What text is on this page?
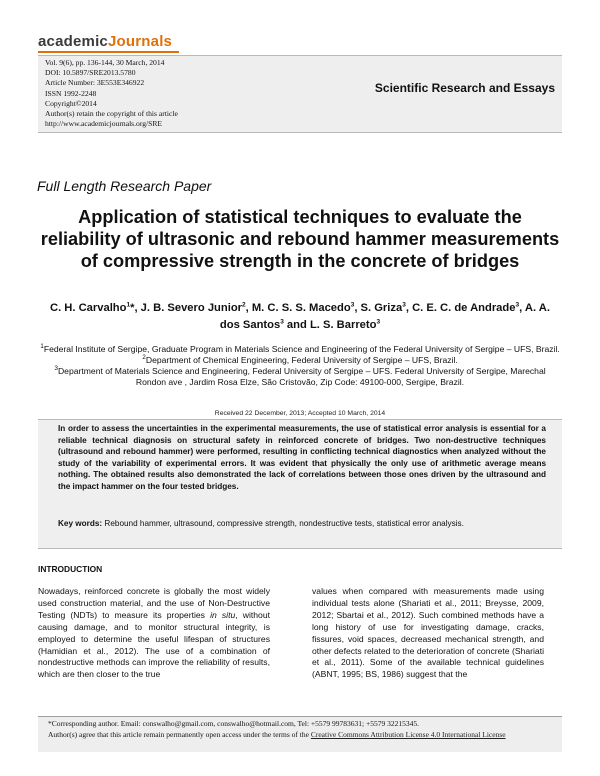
academicJournals
Vol. 9(6), pp. 136-144, 30 March, 2014
DOI: 10.5897/SRE2013.5780
Article Number: 3E553E346922
ISSN 1992-2248
Copyright©2014
Author(s) retain the copyright of this article
http://www.academicjournals.org/SRE
Scientific Research and Essays
Full Length Research Paper
Application of statistical techniques to evaluate the reliability of ultrasonic and rebound hammer measurements of compressive strength in the concrete of bridges
C. H. Carvalho$^1$*, J. B. Severo Junior$^2$, M. C. S. S. Macedo$^3$, S. Griza$^3$, C. E. C. de Andrade$^3$, A. A. dos Santos$^3$ and L. S. Barreto$^3$

$^1$Federal Institute of Sergipe, Graduate Program in Materials Science and Engineering of the Federal University of Sergipe – UFS, Brazil.

$^2$Department of Chemical Engineering, Federal University of Sergipe – UFS, Brazil.

$^3$Department of Materials Science and Engineering, Federal University of Sergipe – UFS. Federal University of Sergipe, Marechal Rondon ave , Jardim Rosa Elze, São Cristovão, Zip Code: 49100-000, Sergipe, Brazil.

Received 22 December, 2013; Accepted 10 March, 2014
In order to assess the uncertainties in the experimental measurements, the use of statistical error analysis is essential for a reliable technical diagnosis on structural safety in reinforced concrete of bridges. Two non-destructive techniques (ultrasound and rebound hammer) were performed, resulting in conflicting technical diagnostics when analyzed without the study of the variability of experimental errors. It was evident that physically the only use of arithmetic average means nothing. The obtained results also demonstrated the lack of correlations between those ones driven by the ultrasound and the impact hammer on the four tested bridges.
Key words: Rebound hammer, ultrasound, compressive strength, nondestructive tests, statistical error analysis.
INTRODUCTION
Nowadays, reinforced concrete is globally the most widely used construction material, and the use of Non-Destructive Testing (NDTs) to measure its properties in situ, without causing damage, and to monitor structural integrity, is employed to determine the useful lifespan of structures (Hamidian et al., 2012). The use of a combination of nondestructive methods can improve the reliability of results, which are then closer to the true
values when compared with measurements made using individual tests alone (Shariati et al., 2011; Breysse, 2009, 2012; Sbartai et al., 2012). Such combined methods have a long history of use for investigating damage, cracks, fissures, void spaces, decreased mechanical strength, and other defects related to the deterioration of concrete (Shariati et al., 2011). Some of the available technical guidelines (ABNT, 1995; BS, 1986) suggest that the
*Corresponding author. Email: conswalho@gmail.com, conswalho@hotmail.com, Tel: +5579 99783631; +5579 32215345.
Author(s) agree that this article remain permanently open access under the terms of the Creative Commons Attribution License 4.0 International License
